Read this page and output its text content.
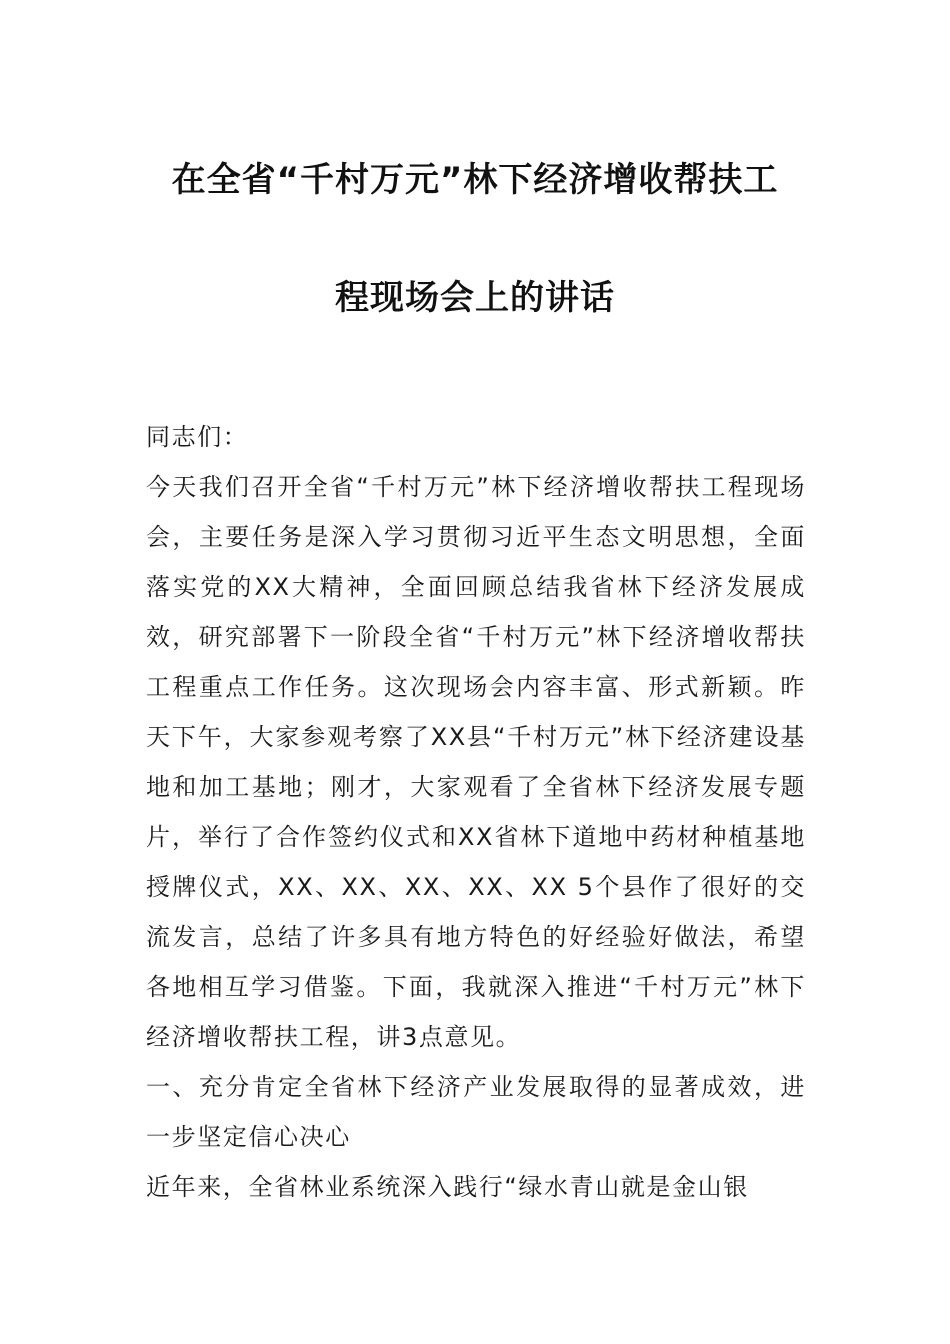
在全省“千村万元”林下经济增收帮扶工
程现场会上的讲话

同志们：

今天我们召开全省“千村万元”林下经济增收帮扶工程现场会，主要任务是深入学习贯彻习近平生态文明思想，全面落实党的XX大精神，全面回顾总结我省林下经济发展成效，研究部署下一阶段全省“千村万元”林下经济增收帮扶工程重点工作任务。这次现场会内容丰富、形式新颖。昨天下午，大家参观考察了XX县“千村万元”林下经济建设基地和加工基地；刚才，大家观看了全省林下经济发展专题片，举行了合作签约仪式和XX省林下道地中药材种植基地授牌仪式，XX、XX、XX、XX、XX 5个县作了很好的交流发言，总结了许多具有地方特色的好经验好做法，希望各地相互学习借鉴。下面，我就深入推进“千村万元”林下经济增收帮扶工程，讲3点意见。

一、充分肯定全省林下经济产业发展取得的显著成效，进一步坚定信心决心

近年来，全省林业系统深入践行“绿水青山就是金山银
